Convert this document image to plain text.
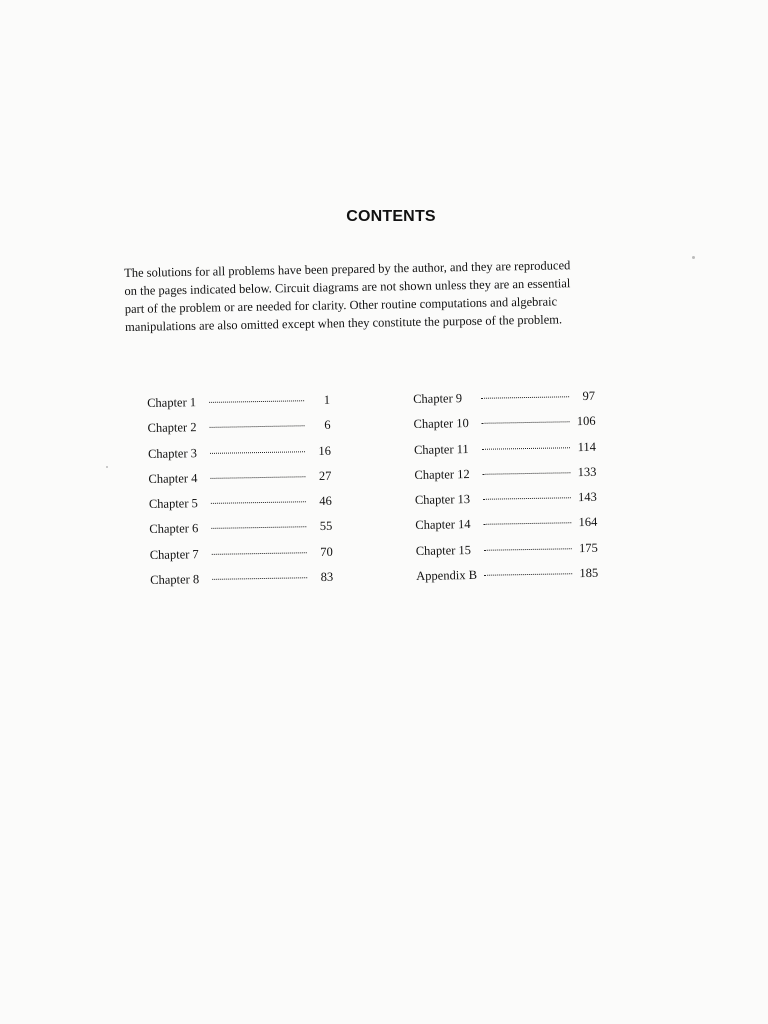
CONTENTS
The solutions for all problems have been prepared by the author, and they are reproduced
on the pages indicated below. Circuit diagrams are not shown unless they are an essential
part of the problem or are needed for clarity. Other routine computations and algebraic
manipulations are also omitted except when they constitute the purpose of the problem.
Chapter 1	1
Chapter 2	6
Chapter 3	16
Chapter 4	27
Chapter 5	46
Chapter 6	55
Chapter 7	70
Chapter 8	83
Chapter 9	97
Chapter 10	106
Chapter 11	114
Chapter 12	133
Chapter 13	143
Chapter 14	164
Chapter 15	175
Appendix B	185
